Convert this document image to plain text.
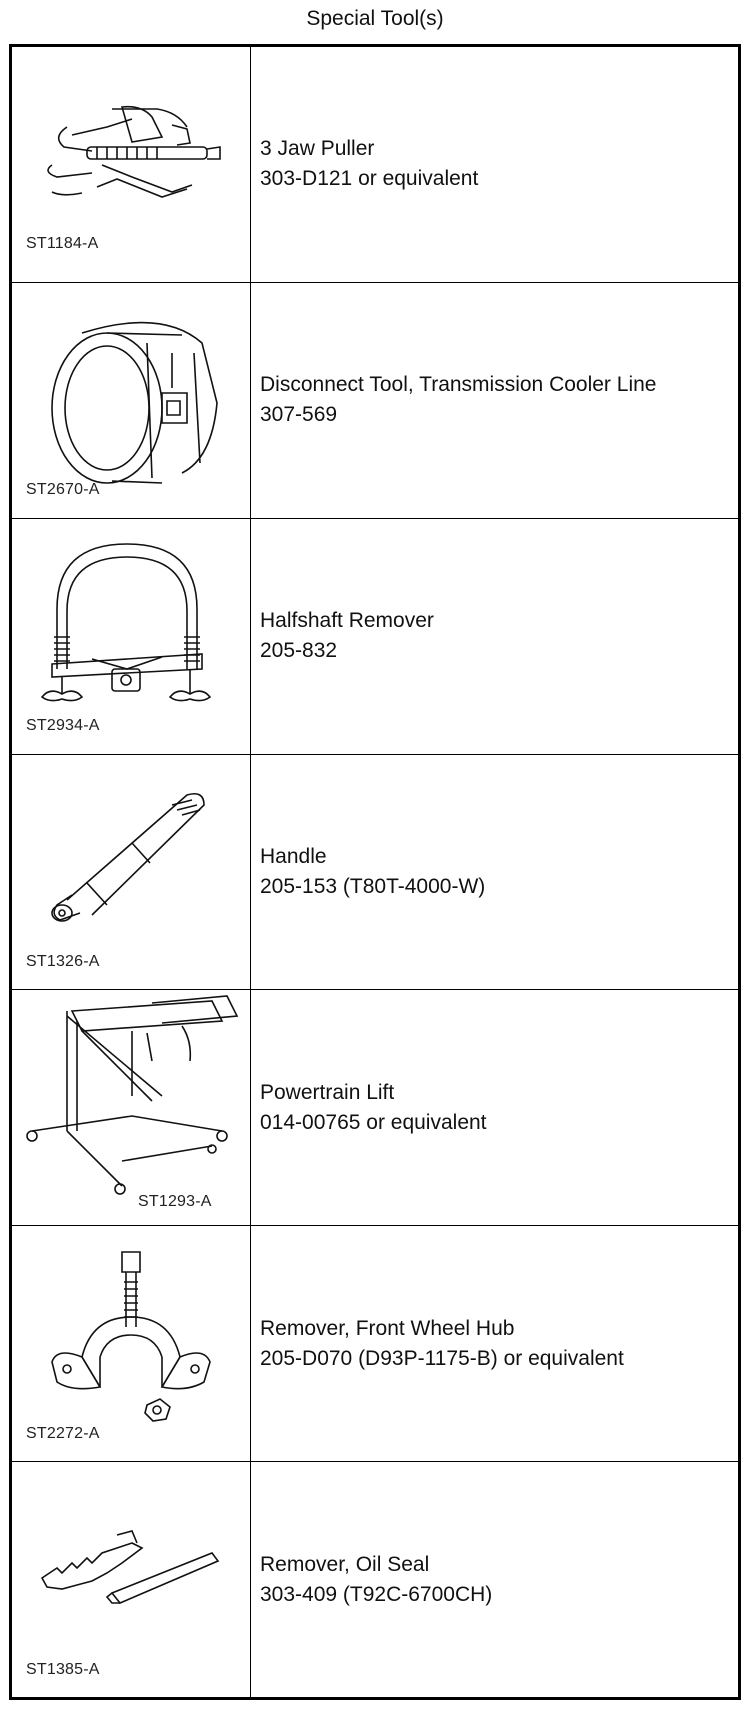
Special Tool(s)
ST1184-A	3 Jaw Puller
303-D121 or equivalent

ST2670-A	Disconnect Tool, Transmission Cooler Line
307-569

ST2934-A	Halfshaft Remover
205-832

ST1326-A	Handle
205-153 (T80T-4000-W)

ST1293-A	Powertrain Lift
014-00765 or equivalent

ST2272-A	Remover, Front Wheel Hub
205-D070 (D93P-1175-B) or equivalent

ST1385-A	Remover, Oil Seal
303-409 (T92C-6700CH)
